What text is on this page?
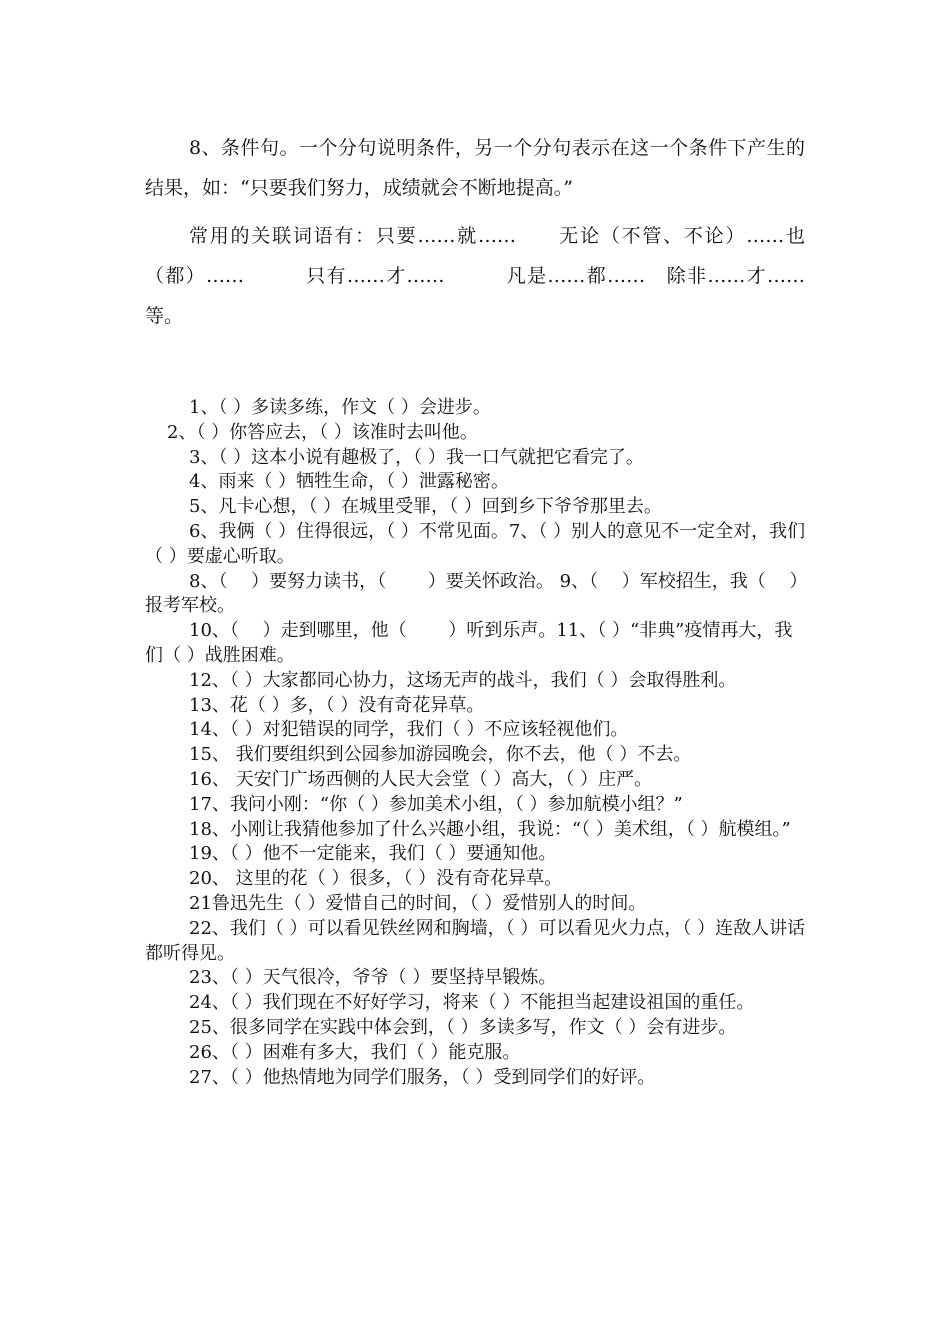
8、条件句。一个分句说明条件，另一个分句表示在这一个条件下产生的结果，如：“只要我们努力，成绩就会不断地提高。”

常用的关联词语有：只要……就……　　无论（不管、不论）……也（都）……　　　只有……才……　　　凡是……都……　除非……才……等。

1、（ ）多读多练，作文（ ）会进步。

2、（ ）你答应去，（ ）该准时去叫他。

3、（ ）这本小说有趣极了，（ ）我一口气就把它看完了。

4、雨来（ ）牺牲生命，（ ）泄露秘密。

5、凡卡心想，（ ）在城里受罪，（ ）回到乡下爷爷那里去。

6、我俩（ ）住得很远，（ ）不常见面。7、（ ）别人的意见不一定全对，我们（ ）要虚心听取。

8、（　 ）要努力读书，（　　 ）要关怀政治。 9、（　 ）军校招生，我（　 ）报考军校。

10、（　 ）走到哪里，他（　　 ）听到乐声。11、（ ）“非典”疫情再大，我们（ ）战胜困难。

12、（ ）大家都同心协力，这场无声的战斗，我们（ ）会取得胜利。

13、花（ ）多，（ ）没有奇花异草。

14、（ ）对犯错误的同学，我们（ ）不应该轻视他们。

15、 我们要组织到公园参加游园晚会，你不去，他（ ）不去。

16、 天安门广场西侧的人民大会堂（ ）高大，（ ）庄严。

17、我问小刚：“你（ ）参加美术小组，（ ）参加航模小组？”

18、小刚让我猜他参加了什么兴趣小组，我说：“（ ）美术组，（ ）航模组。”

19、（ ）他不一定能来，我们（ ）要通知他。

20、 这里的花（ ）很多，（ ）没有奇花异草。

21鲁迅先生（ ）爱惜自己的时间，（ ）爱惜别人的时间。

22、我们（ ）可以看见铁丝网和胸墙，（ ）可以看见火力点，（ ）连敌人讲话都听得见。

23、（ ）天气很冷，爷爷（ ）要坚持早锻炼。

24、（ ）我们现在不好好学习，将来（ ）不能担当起建设祖国的重任。

25、很多同学在实践中体会到，（ ）多读多写，作文（ ）会有进步。

26、（ ）困难有多大，我们（ ）能克服。

27、（ ）他热情地为同学们服务，（ ）受到同学们的好评。
